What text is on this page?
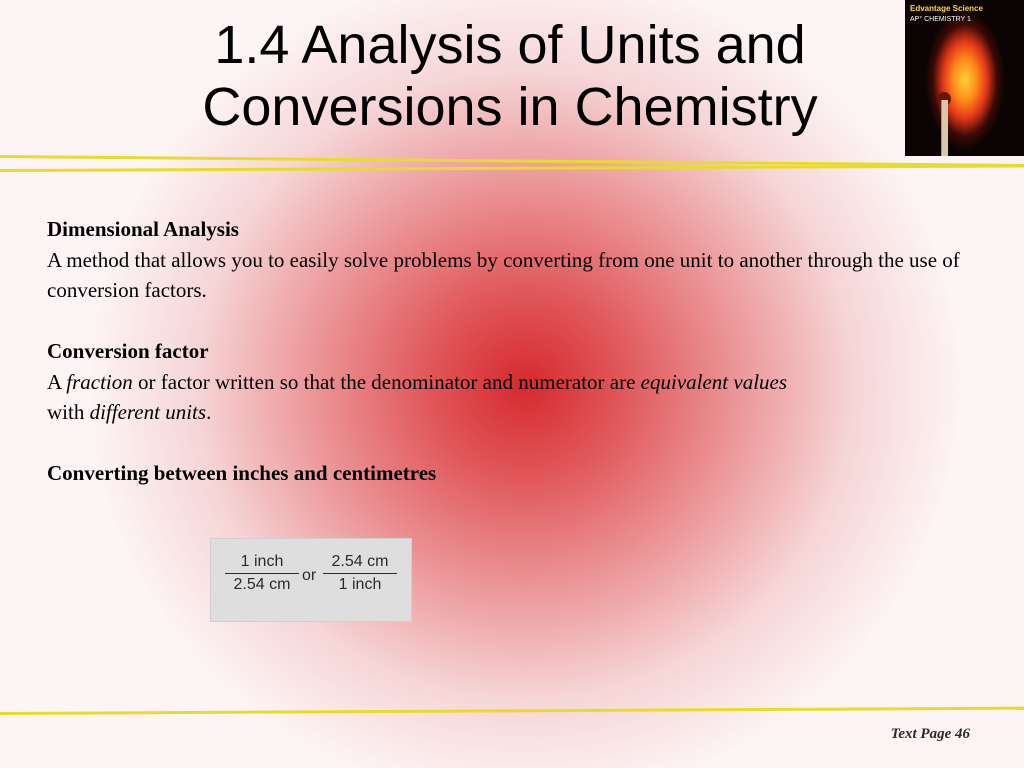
1.4 Analysis of Units and
Conversions in Chemistry
Edvantage Science
AP° CHEMISTRY 1

Dimensional Analysis

A method that allows you to easily solve problems by converting from one unit to another through the use of conversion factors.

Conversion factor

A fraction or factor written so that the denominator and numerator are equivalent values
with different units.

Converting between inches and centimetres

1 inch
2.54 cm
or
2.54 cm
1 inch
Text Page 46
